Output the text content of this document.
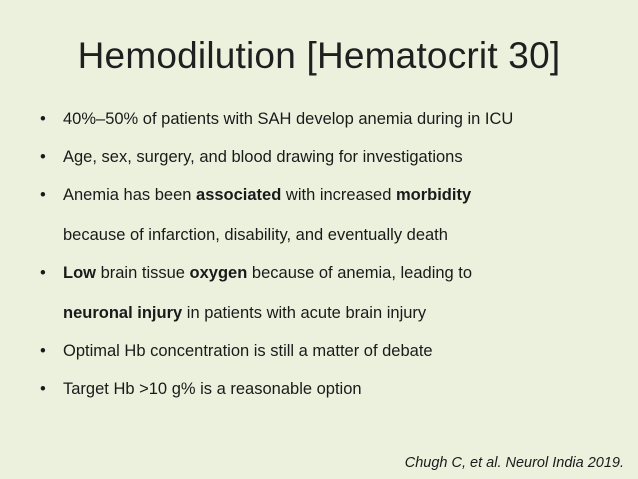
Hemodilution [Hematocrit 30]
• 40%–50% of patients with SAH develop anemia during in ICU
• Age, sex, surgery, and blood drawing for investigations
• Anemia has been associated with increased morbidity
because of infarction, disability, and eventually death
• Low brain tissue oxygen because of anemia, leading to
neuronal injury in patients with acute brain injury
• Optimal Hb concentration is still a matter of debate
• Target Hb >10 g% is a reasonable option
Chugh C, et al. Neurol India 2019.
